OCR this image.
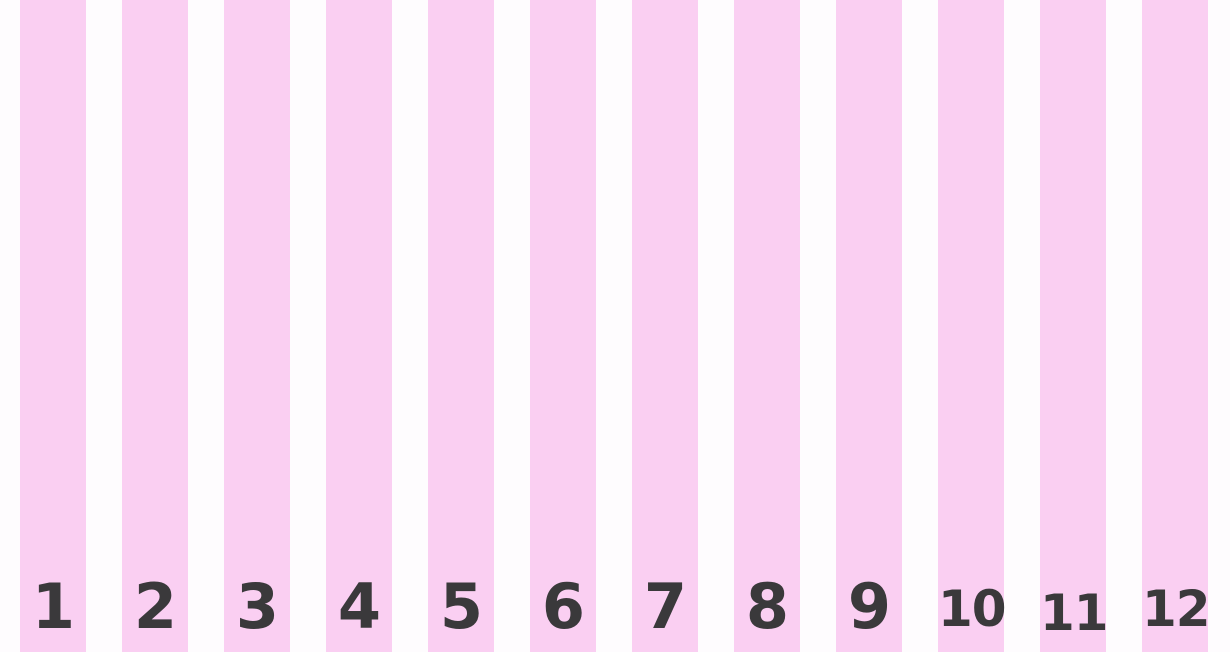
1 2 3 4 5 6 7 8 9 10 11 12
